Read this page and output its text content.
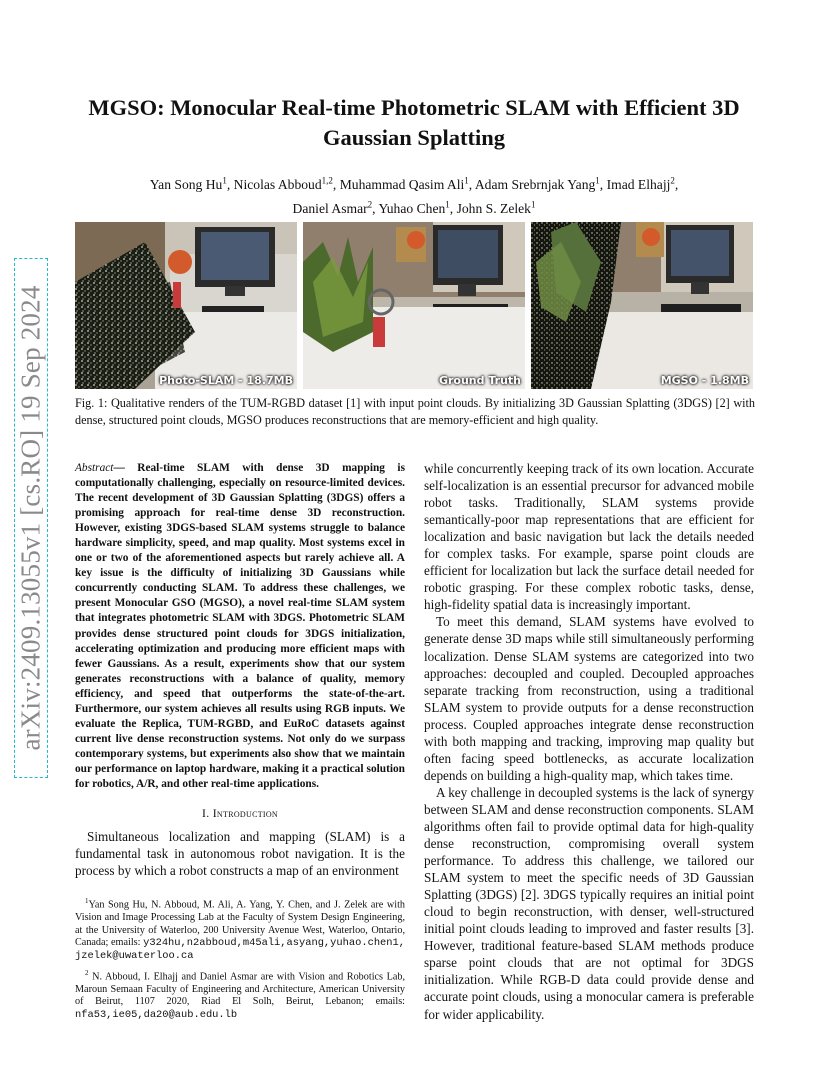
arXiv:2409.13055v1 [cs.RO] 19 Sep 2024
MGSO: Monocular Real-time Photometric SLAM with Efficient 3D Gaussian Splatting
Yan Song Hu$^1$, Nicolas Abboud$^{1,2}$, Muhammad Qasim Ali$^1$, Adam Srebrnjak Yang$^1$, Imad Elhajj$^2$,
Daniel Asmar$^2$, Yuhao Chen$^1$, John S. Zelek$^1$
Photo-SLAM - 18.7MB	Ground Truth	MGSO - 1.8MB
Fig. 1: Qualitative renders of the TUM-RGBD dataset [1] with input point clouds. By initializing 3D Gaussian Splatting (3DGS) [2] with dense, structured point clouds, MGSO produces reconstructions that are memory-efficient and high quality.

Abstract— Real-time SLAM with dense 3D mapping is computationally challenging, especially on resource-limited devices. The recent development of 3D Gaussian Splatting (3DGS) offers a promising approach for real-time dense 3D reconstruction. However, existing 3DGS-based SLAM systems struggle to balance hardware simplicity, speed, and map quality. Most systems excel in one or two of the aforementioned aspects but rarely achieve all. A key issue is the difficulty of initializing 3D Gaussians while concurrently conducting SLAM. To address these challenges, we present Monocular GSO (MGSO), a novel real-time SLAM system that integrates photometric SLAM with 3DGS. Photometric SLAM provides dense structured point clouds for 3DGS initialization, accelerating optimization and producing more efficient maps with fewer Gaussians. As a result, experiments show that our system generates reconstructions with a balance of quality, memory efficiency, and speed that outperforms the state-of-the-art. Furthermore, our system achieves all results using RGB inputs. We evaluate the Replica, TUM-RGBD, and EuRoC datasets against current live dense reconstruction systems. Not only do we surpass contemporary systems, but experiments also show that we maintain our performance on laptop hardware, making it a practical solution for robotics, A/R, and other real-time applications.

I. Introduction

Simultaneous localization and mapping (SLAM) is a fundamental task in autonomous robot navigation. It is the process by which a robot constructs a map of an environment

$^1$Yan Song Hu, N. Abboud, M. Ali, A. Yang, Y. Chen, and J. Zelek are with Vision and Image Processing Lab at the Faculty of System Design Engineering, at the University of Waterloo, 200 University Avenue West, Waterloo, Ontario, Canada; emails: y324hu,n2abboud,m45ali,asyang,yuhao.chen1, jzelek@uwaterloo.ca

$^2$ N. Abboud, I. Elhajj and Daniel Asmar are with Vision and Robotics Lab, Maroun Semaan Faculty of Engineering and Architecture, American University of Beirut, 1107 2020, Riad El Solh, Beirut, Lebanon; emails: nfa53,ie05,da20@aub.edu.lb

while concurrently keeping track of its own location. Accurate self-localization is an essential precursor for advanced mobile robot tasks. Traditionally, SLAM systems provide semantically-poor map representations that are efficient for localization and basic navigation but lack the details needed for complex tasks. For example, sparse point clouds are efficient for localization but lack the surface detail needed for robotic grasping. For these complex robotic tasks, dense, high-fidelity spatial data is increasingly important.

To meet this demand, SLAM systems have evolved to generate dense 3D maps while still simultaneously performing localization. Dense SLAM systems are categorized into two approaches: decoupled and coupled. Decoupled approaches separate tracking from reconstruction, using a traditional SLAM system to provide outputs for a dense reconstruction process. Coupled approaches integrate dense reconstruction with both mapping and tracking, improving map quality but often facing speed bottlenecks, as accurate localization depends on building a high-quality map, which takes time.

A key challenge in decoupled systems is the lack of synergy between SLAM and dense reconstruction components. SLAM algorithms often fail to provide optimal data for high-quality dense reconstruction, compromising overall system performance. To address this challenge, we tailored our SLAM system to meet the specific needs of 3D Gaussian Splatting (3DGS) [2]. 3DGS typically requires an initial point cloud to begin reconstruction, with denser, well-structured initial point clouds leading to improved and faster results [3]. However, traditional feature-based SLAM methods produce sparse point clouds that are not optimal for 3DGS initialization. While RGB-D data could provide dense and accurate point clouds, using a monocular camera is preferable for wider applicability.
